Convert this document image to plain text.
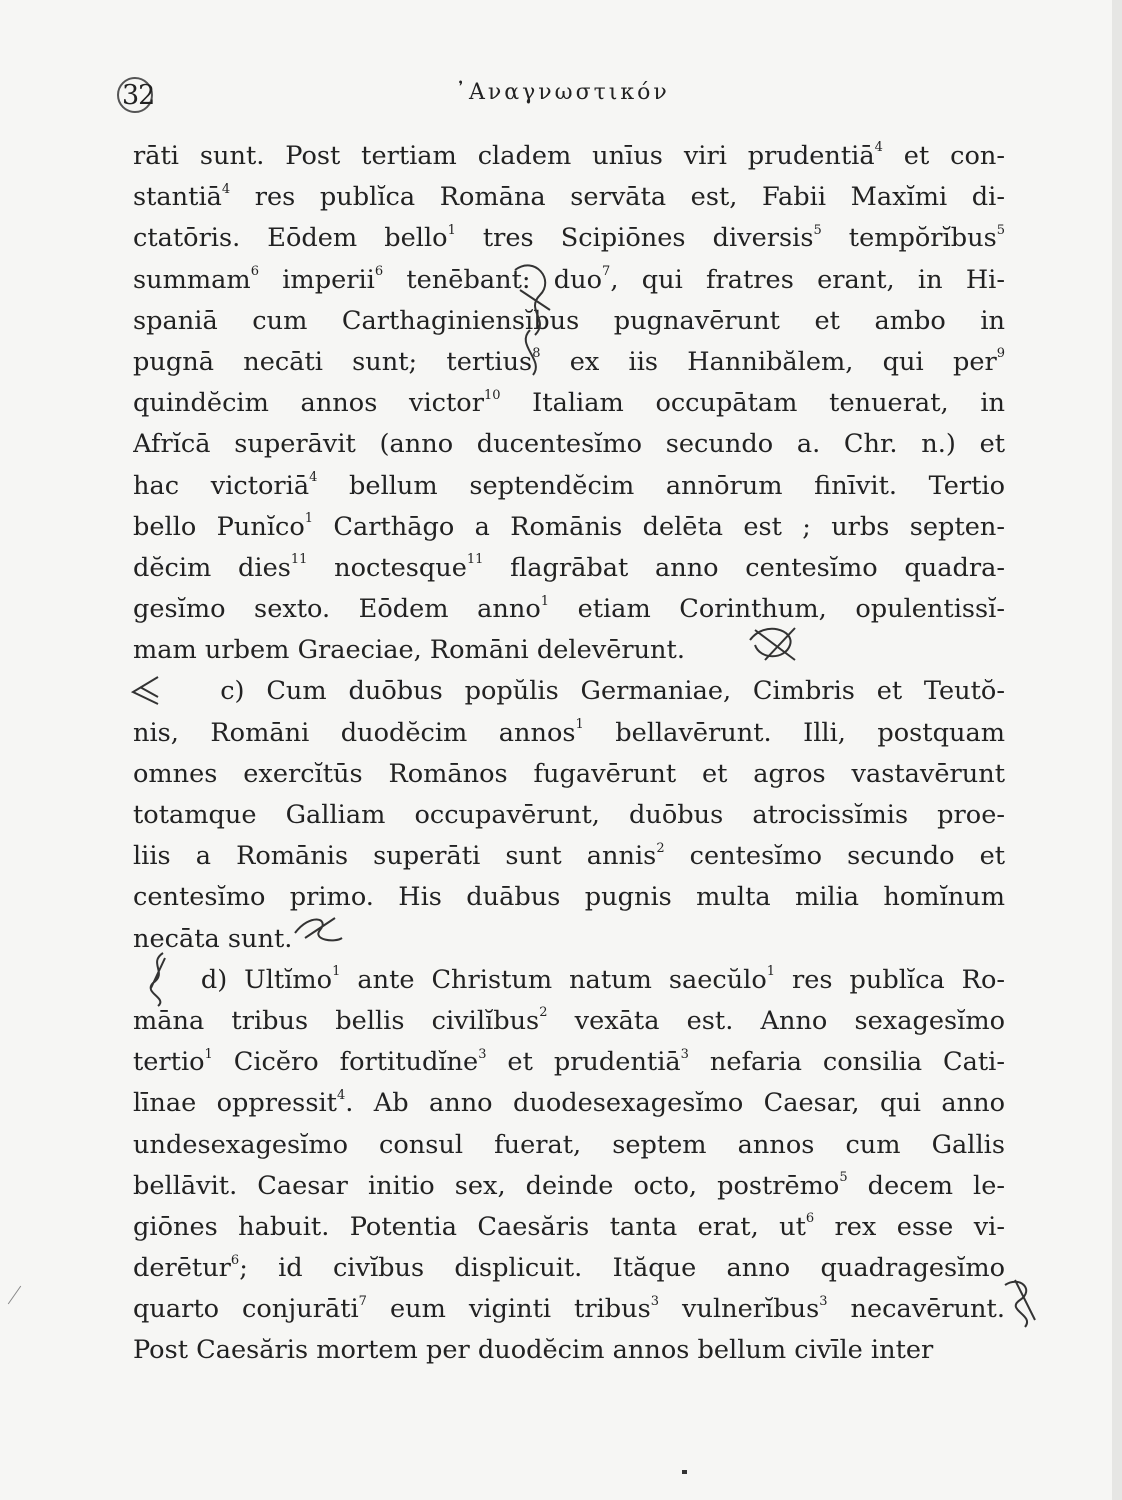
32	᾿Αναγνωστικόν
rāti sunt. Post tertiam cladem unīus viri prudentiā$^4$ et con-
stantiā$^4$ res publĭca Romāna servāta est, Fabii Maxĭmi di-
ctatōris. Eōdem bello$^1$ tres Scipiōnes diversis$^5$ tempŏrĭbus$^5$
summam$^6$ imperii$^6$ tenēbant: duo$^7$, qui fratres erant, in Hi-
spaniā cum Carthaginiensĭbus pugnavērunt et ambo in
pugnā necāti sunt; tertius$^8$ ex iis Hannibălem, qui per$^9$
quindĕcim annos victor$^{10}$ Italiam occupātam tenuerat, in
Afrĭcā superāvit (anno ducentesĭmo secundo a. Chr. n.) et
hac victoriā$^4$ bellum septendĕcim annōrum finīvit. Tertio
bello Punĭco$^1$ Carthāgo a Romānis delēta est ; urbs septen-
dĕcim dies$^{11}$ noctesque$^{11}$ flagrābat anno centesĭmo quadra-
gesĭmo sexto. Eōdem anno$^1$ etiam Corinthum, opulentissĭ-
mam urbem Graeciae, Romāni delevērunt.
c) Cum duōbus popŭlis Germaniae, Cimbris et Teutŏ-
nis, Romāni duodĕcim annos$^1$ bellavērunt. Illi, postquam
omnes exercĭtūs Romānos fugavērunt et agros vastavērunt
totamque Galliam occupavērunt, duōbus atrocissĭmis proe-
liis a Romānis superāti sunt annis$^2$ centesĭmo secundo et
centesĭmo primo. His duābus pugnis multa milia homĭnum
necāta sunt.
d) Ultĭmo$^1$ ante Christum natum saecŭlo$^1$ res publĭca Ro-
māna tribus bellis civilĭbus$^2$ vexāta est. Anno sexagesĭmo
tertio$^1$ Cicĕro fortitudĭne$^3$ et prudentiā$^3$ nefaria consilia Cati-
līnae oppressit$^4$. Ab anno duodesexagesĭmo Caesar, qui anno
undesexagesĭmo consul fuerat, septem annos cum Gallis
bellāvit. Caesar initio sex, deinde octo, postrēmo$^5$ decem le-
giōnes habuit. Potentia Caesăris tanta erat, $ut^6$ rex esse vi-
derētur$^6$; id civĭbus displicuit. Ităque anno quadragesĭmo
quarto conjurāti$^7$ eum viginti tribus$^3$ vulnerĭbus$^3$ necavērunt.
Post Caesăris mortem per duodĕcim annos bellum civīle inter
